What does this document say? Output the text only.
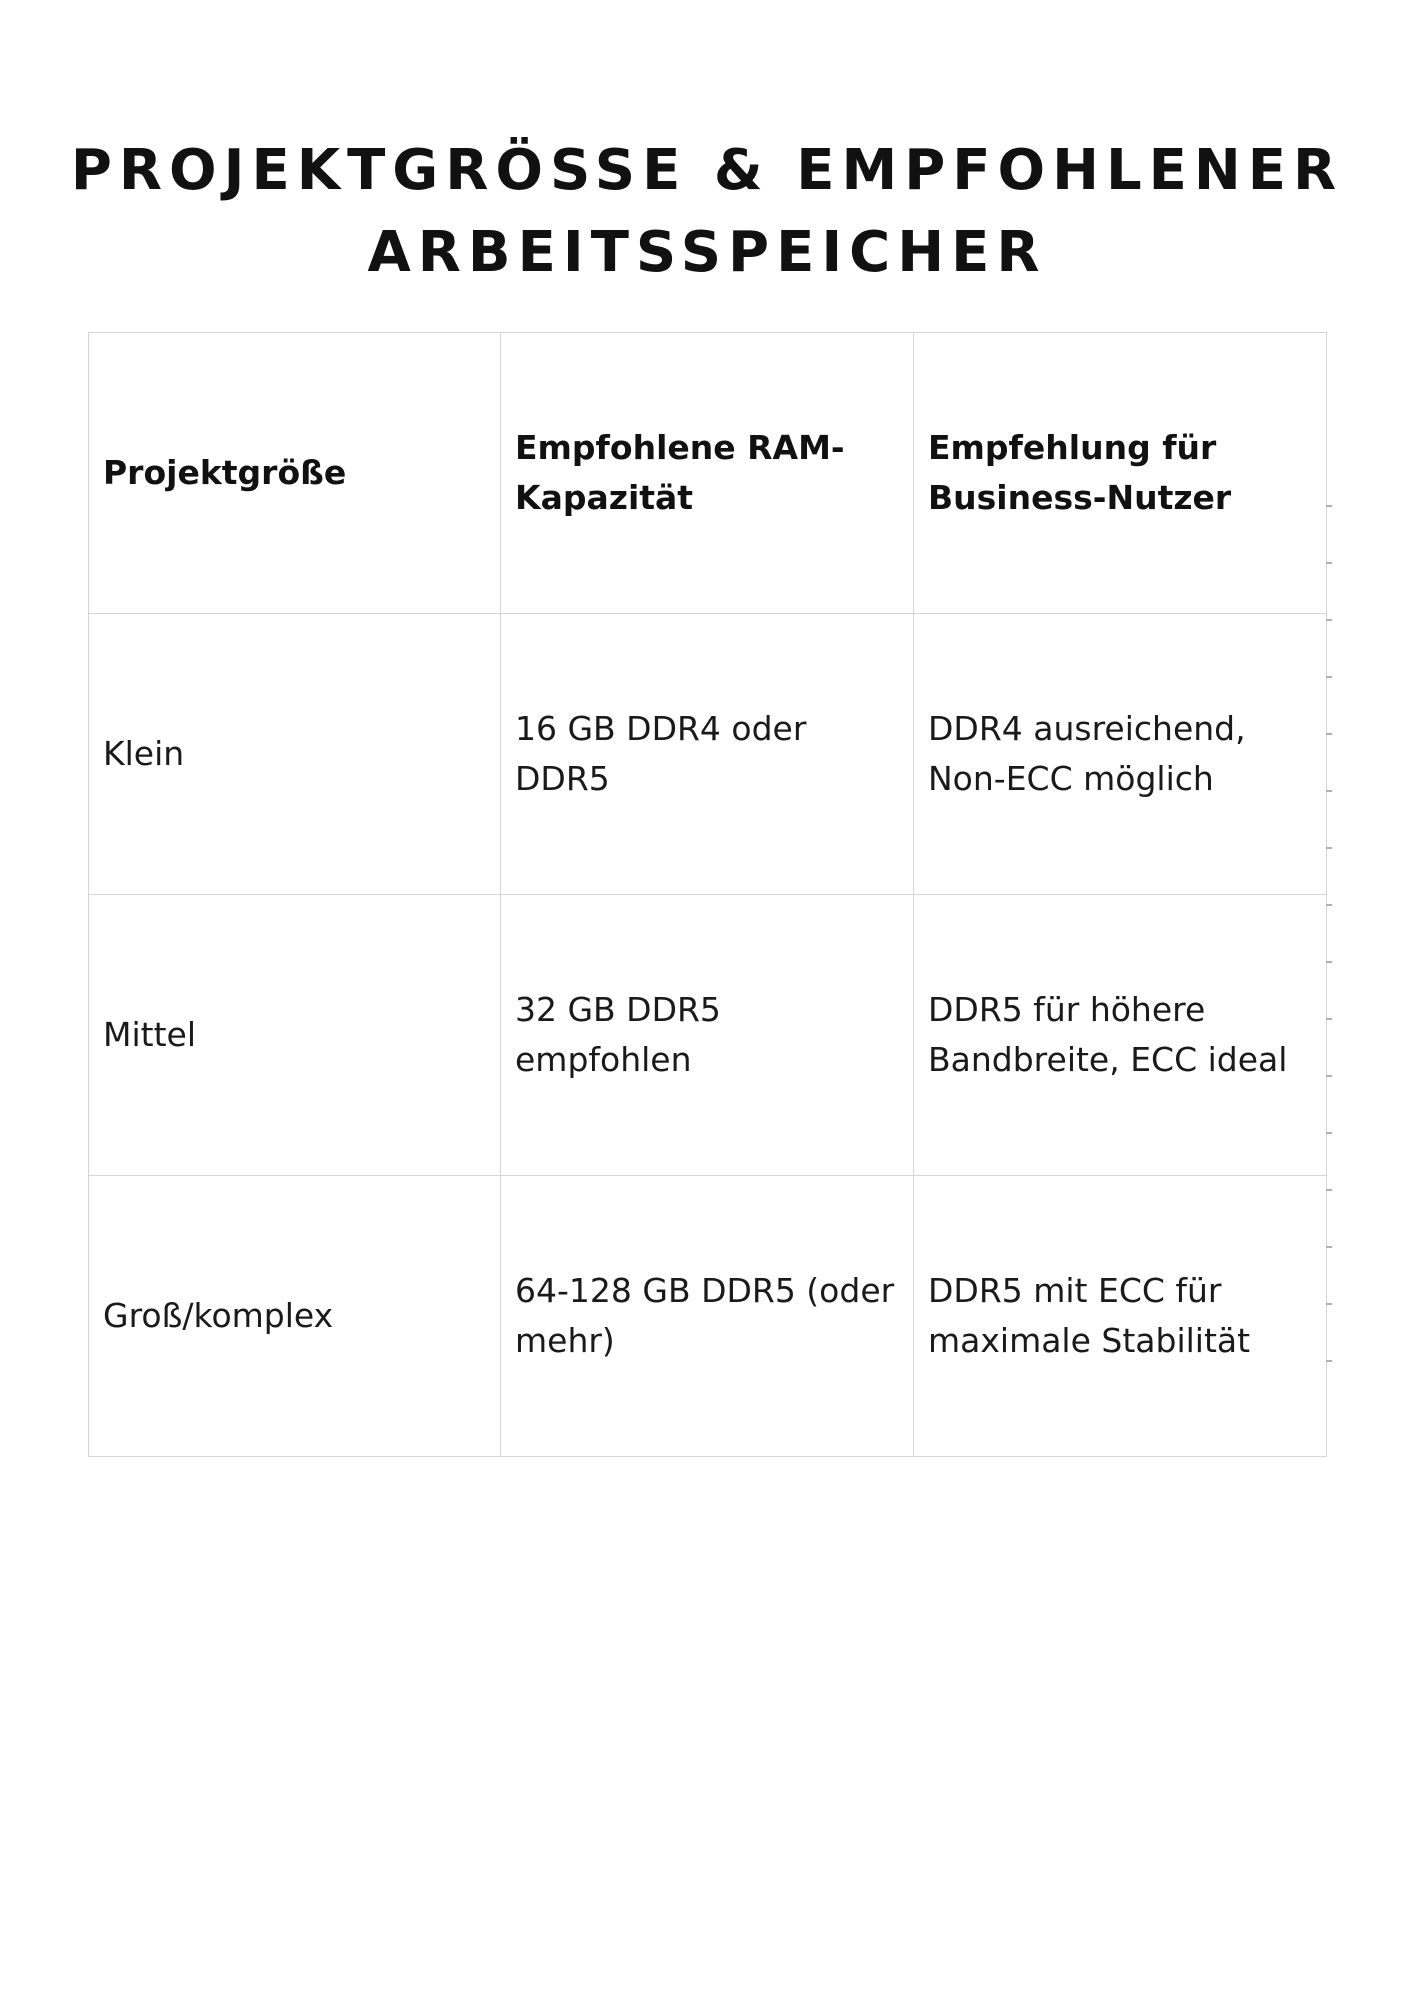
PROJEKTGRÖSSE & EMPFOHLENER
ARBEITSSPEICHER
Projektgröße	Empfohlene RAM-Kapazität	Empfehlung für Business-Nutzer

Klein	16 GB DDR4 oder DDR5	DDR4 ausreichend, Non-ECC möglich

Mittel	32 GB DDR5 empfohlen	DDR5 für höhere Bandbreite, ECC ideal

Groß/komplex	64-128 GB DDR5 (oder mehr)	DDR5 mit ECC für maximale Stabilität
